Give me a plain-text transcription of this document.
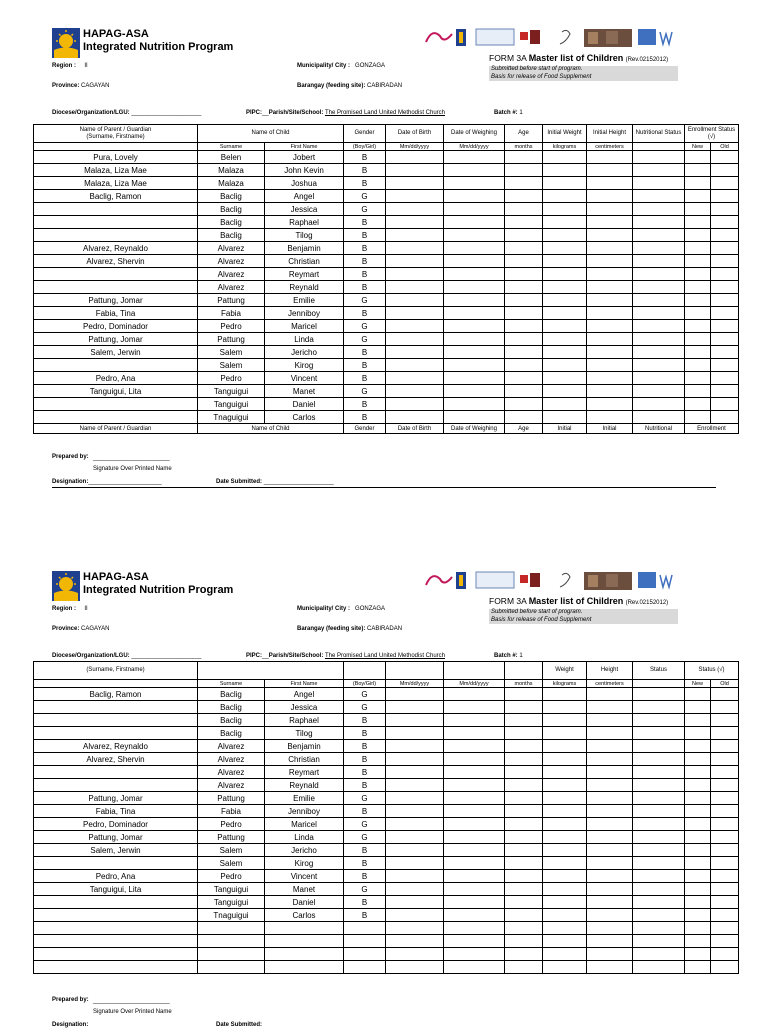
HAPAG-ASA
Integrated Nutrition Program
Region : II	Municipality/ City : GONZAGA
Province: CAGAYAN	Barangay (feeding site): CABIRADAN
FORM 3A Master list of Children (Rev.02152012)
Submitted before start of program.
Basis for release of Food Supplement
Diocese/Organization/LGU: _____________________	PIPC:__Parish/Site/School: The Promised Land United Methodist Church	Batch #: 1
Name of Parent / Guardian
(Surname, Firstname)	Name of Child		Gender	Date of Birth	Date of Weighing	Age	Initial Weight	Initial Height	Nutritional Status	Enrollment Status (√)	
	Surname	First Name	(Boy/Girl)	Mm/dd/yyyy	Mm/dd/yyyy	months	kilograms	centimeters		New	Old
Pura, Lovely	Belen	Jobert	B								
Malaza, Liza Mae	Malaza	John Kevin	B								
Malaza, Liza Mae	Malaza	Joshua	B								
Baclig, Ramon	Baclig	Angel	G								
	Baclig	Jessica	G								
	Baclig	Raphael	B								
	Baclig	Tilog	B								
Alvarez, Reynaldo	Alvarez	Benjamin	B								
Alvarez, Shervin	Alvarez	Christian	B								
	Alvarez	Reymart	B								
	Alvarez	Reynald	B								
Pattung, Jomar	Pattung	Emilie	G								
Fabia, Tina	Fabia	Jenniboy	B								
Pedro, Dominador	Pedro	Maricel	G								
Pattung, Jomar	Pattung	Linda	G								
Salem, Jerwin	Salem	Jericho	B								
	Salem	Kirog	B								
Pedro, Ana	Pedro	Vincent	B								
Tanguigui, Lita	Tanguigui	Manet	G								
	Tanguigui	Daniel	B								
	Tnaguigui	Carlos	B								
Name of Parent / Guardian	Name of Child		Gender	Date of Birth	Date of Weighing	Age	Initial	Initial	Nutritional	Enrollment	
Prepared by: _______________________
Signature Over Printed Name
Designation:______________________	Date Submitted: _____________________
HAPAG-ASA
Integrated Nutrition Program
Region : II	Municipality/ City : GONZAGA
Province: CAGAYAN	Barangay (feeding site): CABIRADAN
FORM 3A Master list of Children (Rev.02152012)
Submitted before start of program.
Basis for release of Food Supplement
Diocese/Organization/LGU: _____________________	PIPC:__Parish/Site/School: The Promised Land United Methodist Church	Batch #: 1
(Surname, Firstname)							Weight	Height	Status	Status (√)	
	Surname	First Name	(Boy/Girl)	Mm/dd/yyyy	Mm/dd/yyyy	months	kilograms	centimeters		New	Old
Baclig, Ramon	Baclig	Angel	G								
	Baclig	Jessica	G								
	Baclig	Raphael	B								
	Baclig	Tilog	B								
Alvarez, Reynaldo	Alvarez	Benjamin	B								
Alvarez, Shervin	Alvarez	Christian	B								
	Alvarez	Reymart	B								
	Alvarez	Reynald	B								
Pattung, Jomar	Pattung	Emilie	G								
Fabia, Tina	Fabia	Jenniboy	B								
Pedro, Dominador	Pedro	Maricel	G								
Pattung, Jomar	Pattung	Linda	G								
Salem, Jerwin	Salem	Jericho	B								
	Salem	Kirog	B								
Pedro, Ana	Pedro	Vincent	B								
Tanguigui, Lita	Tanguigui	Manet	G								
	Tanguigui	Daniel	B								
	Tnaguigui	Carlos	B								

Prepared by: _______________________
Signature Over Printed Name
Designation:	Date Submitted:
